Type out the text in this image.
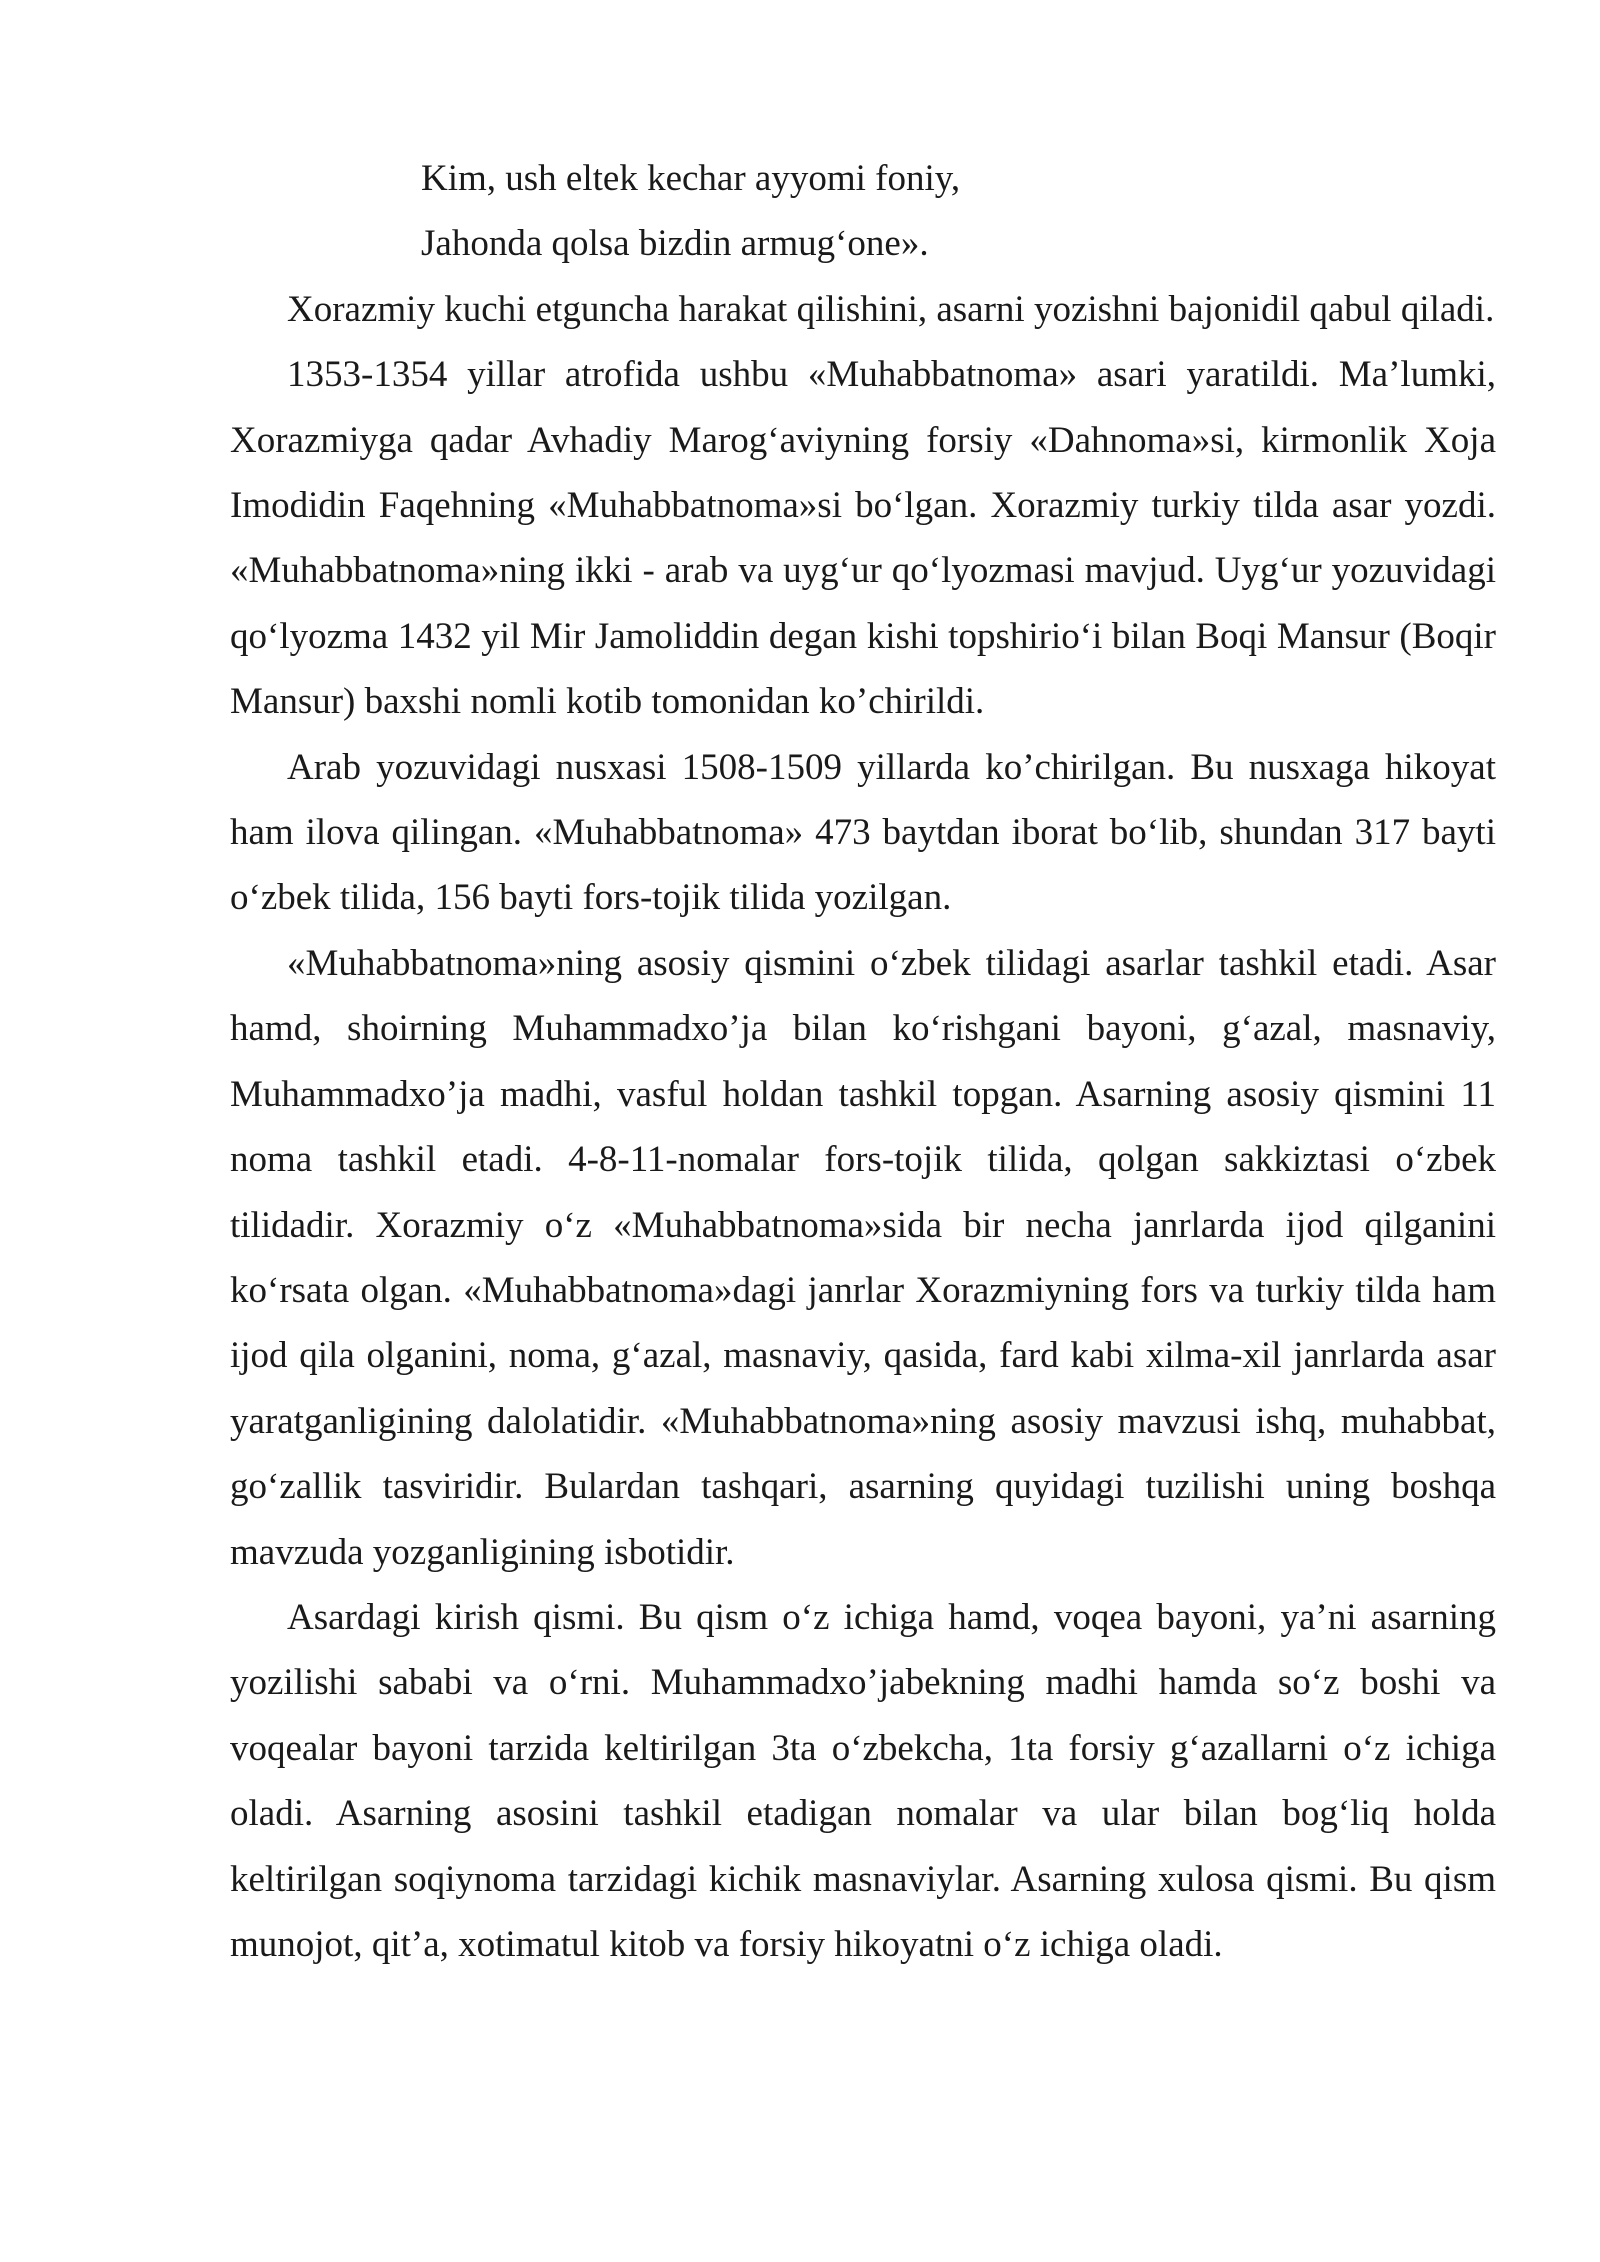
Kim, ush eltek kechar ayyomi foniy,

Jahonda qolsa bizdin armug‘one».

Xorazmiy kuchi etguncha harakat qilishini, asarni yozishni bajonidil qabul qiladi.

1353-1354 yillar atrofida ushbu «Muhabbatnoma» asari yaratildi. Ma’lumki, Xorazmiyga qadar Avhadiy Marog‘aviyning forsiy «Dahnoma»si, kirmonlik Xoja Imodidin Faqehning «Muhabbatnoma»si bo‘lgan. Xorazmiy turkiy tilda asar yozdi. «Muhabbatnoma»ning ikki - arab va uyg‘ur qo‘lyozmasi mavjud. Uyg‘ur yozuvidagi qo‘lyozma 1432 yil Mir Jamoliddin degan kishi topshirio‘i bilan Boqi Mansur (Boqir Mansur) baxshi nomli kotib tomonidan ko’chirildi.

Arab yozuvidagi nusxasi 1508-1509 yillarda ko’chirilgan. Bu nusxaga hikoyat ham ilova qilingan. «Muhabbatnoma» 473 baytdan iborat bo‘lib, shundan 317 bayti o‘zbek tilida, 156 bayti fors-tojik tilida yozilgan.

«Muhabbatnoma»ning asosiy qismini o‘zbek tilidagi asarlar tashkil etadi. Asar hamd, shoirning Muhammadxo’ja bilan ko‘rishgani bayoni, g‘azal, masnaviy, Muhammadxo’ja madhi, vasful holdan tashkil topgan. Asarning asosiy qismini 11 noma tashkil etadi. 4-8-11-nomalar fors-tojik tilida, qolgan sakkiztasi o‘zbek tilidadir. Xorazmiy o‘z «Muhabbatnoma»sida bir necha janrlarda ijod qilganini ko‘rsata olgan. «Muhabbatnoma»dagi janrlar Xorazmiyning fors va turkiy tilda ham ijod qila olganini, noma, g‘azal, masnaviy, qasida, fard kabi xilma-xil janrlarda asar yaratganligining dalolatidir. «Muhabbatnoma»ning asosiy mavzusi ishq, muhabbat, go‘zallik tasviridir. Bulardan tashqari, asarning quyidagi tuzilishi uning boshqa mavzuda yozganligining isbotidir.

Asardagi kirish qismi. Bu qism o‘z ichiga hamd, voqea bayoni, ya’ni asarning yozilishi sababi va o‘rni. Muhammadxo’jabekning madhi hamda so‘z boshi va voqealar bayoni tarzida keltirilgan 3ta o‘zbekcha, 1ta forsiy g‘azallarni o‘z ichiga oladi. Asarning asosini tashkil etadigan nomalar va ular bilan bog‘liq holda keltirilgan soqiynoma tarzidagi kichik masnaviylar. Asarning xulosa qismi. Bu qism munojot, qit’a, xotimatul kitob va forsiy hikoyatni o‘z ichiga oladi.
